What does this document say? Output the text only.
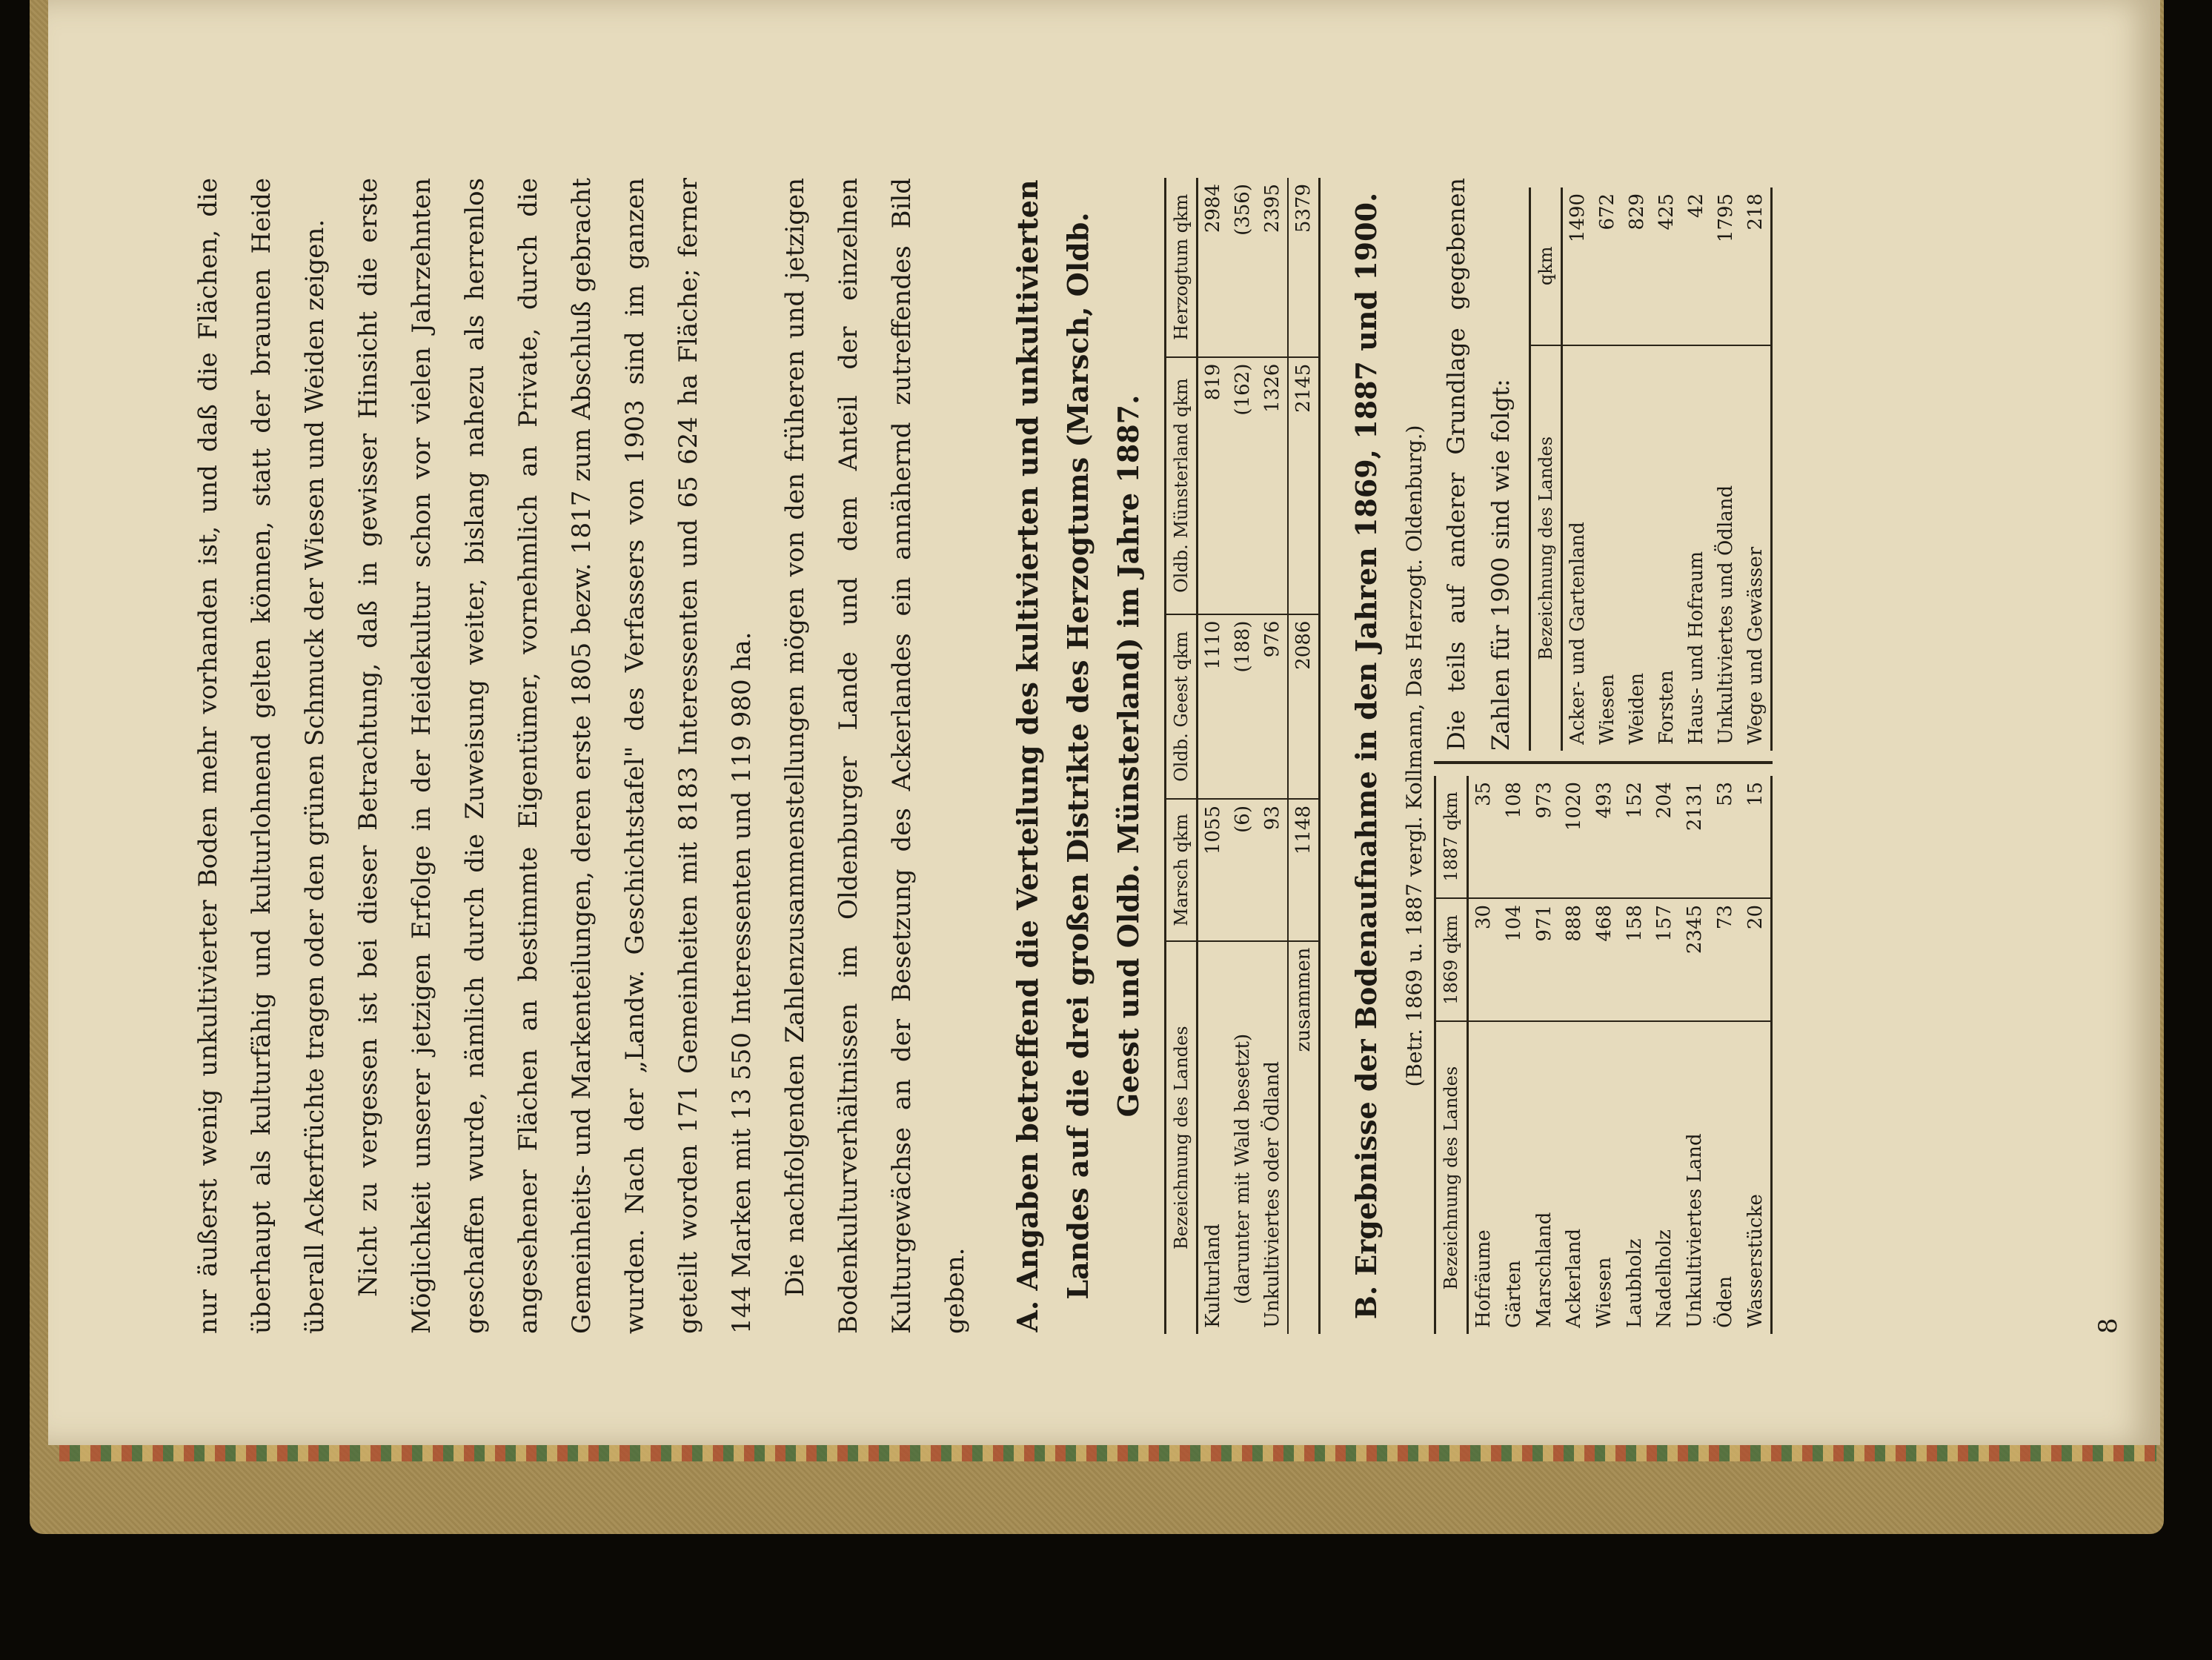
nur äußerst wenig unkultivierter Boden mehr vorhanden ist, und daß die Flächen, die überhaupt als kulturfähig und kulturlohnend gelten können, statt der braunen Heide überall Ackerfrüchte tragen oder den grünen Schmuck der Wiesen und Weiden zeigen. Nicht zu vergessen ist bei dieser Betrachtung, daß in gewisser Hinsicht die erste Möglichkeit unserer jetzigen Erfolge in der Heidekultur schon vor vielen Jahrzehnten geschaffen wurde, nämlich durch die Zuweisung weiter, bislang nahezu als herrenlos angesehener Flächen an bestimmte Eigentümer, vornehmlich an Private, durch die Gemeinheits- und Markenteilungen, deren erste 1805 bezw. 1817 zum Abschluß gebracht wurden. Nach der „Landw. Geschichtstafel" des Verfassers von 1903 sind im ganzen geteilt worden 171 Gemeinheiten mit 8183 Interessenten und 65 624 ha Fläche; ferner 144 Marken mit 13 550 Interessenten und 119 980 ha. Die nachfolgenden Zahlenzusammenstellungen mögen von den früheren und jetzigen Bodenkulturverhältnissen im Oldenburger Lande und dem Anteil der einzelnen Kulturgewächse an der Besetzung des Ackerlandes ein annähernd zutreffendes Bild geben.	A. Angaben betreffend die Verteilung des kultivierten und unkultivierten Landes auf die drei großen Distrikte des Herzogtums (Marsch, Oldb. Geest und Oldb. Münsterland) im Jahre 1887.
Bezeichnung des Landes	Marsch qkm	Oldb. Geest qkm	Oldb. Münsterland qkm	Herzogtum qkm
Kulturland	1055	1110	819	2984
(darunter mit Wald besetzt)	(6)	(188)	(162)	(356)
Unkultiviertes oder Ödland	93	976	1326	2395
zusammen	1148	2086	2145	5379 B. Ergebnisse der Bodenaufnahme in den Jahren 1869, 1887 und 1900. (Betr. 1869 u. 1887 vergl. Kollmann, Das Herzogt. Oldenburg.)
Bezeichnung des Landes	1869 qkm	1887 qkm
Hofräume	30	35
Gärten	104	108
Marschland	971	973
Ackerland	888	1020
Wiesen	468	493
Laubholz	158	152
Nadelholz	157	204
Unkultiviertes Land	2345	2131
Öden	73	53
Wasserstücke	20	15

Die teils auf anderer Grundlage gegebenen Zahlen für 1900 sind wie folgt:	Bezeichnung des Landes	qkm
Acker- und Gartenland	1490
Wiesen	672
Weiden	829
Forsten	425
Haus- und Hofraum	42
Unkultiviertes und Ödland	1795
Wege und Gewässer	218
8
